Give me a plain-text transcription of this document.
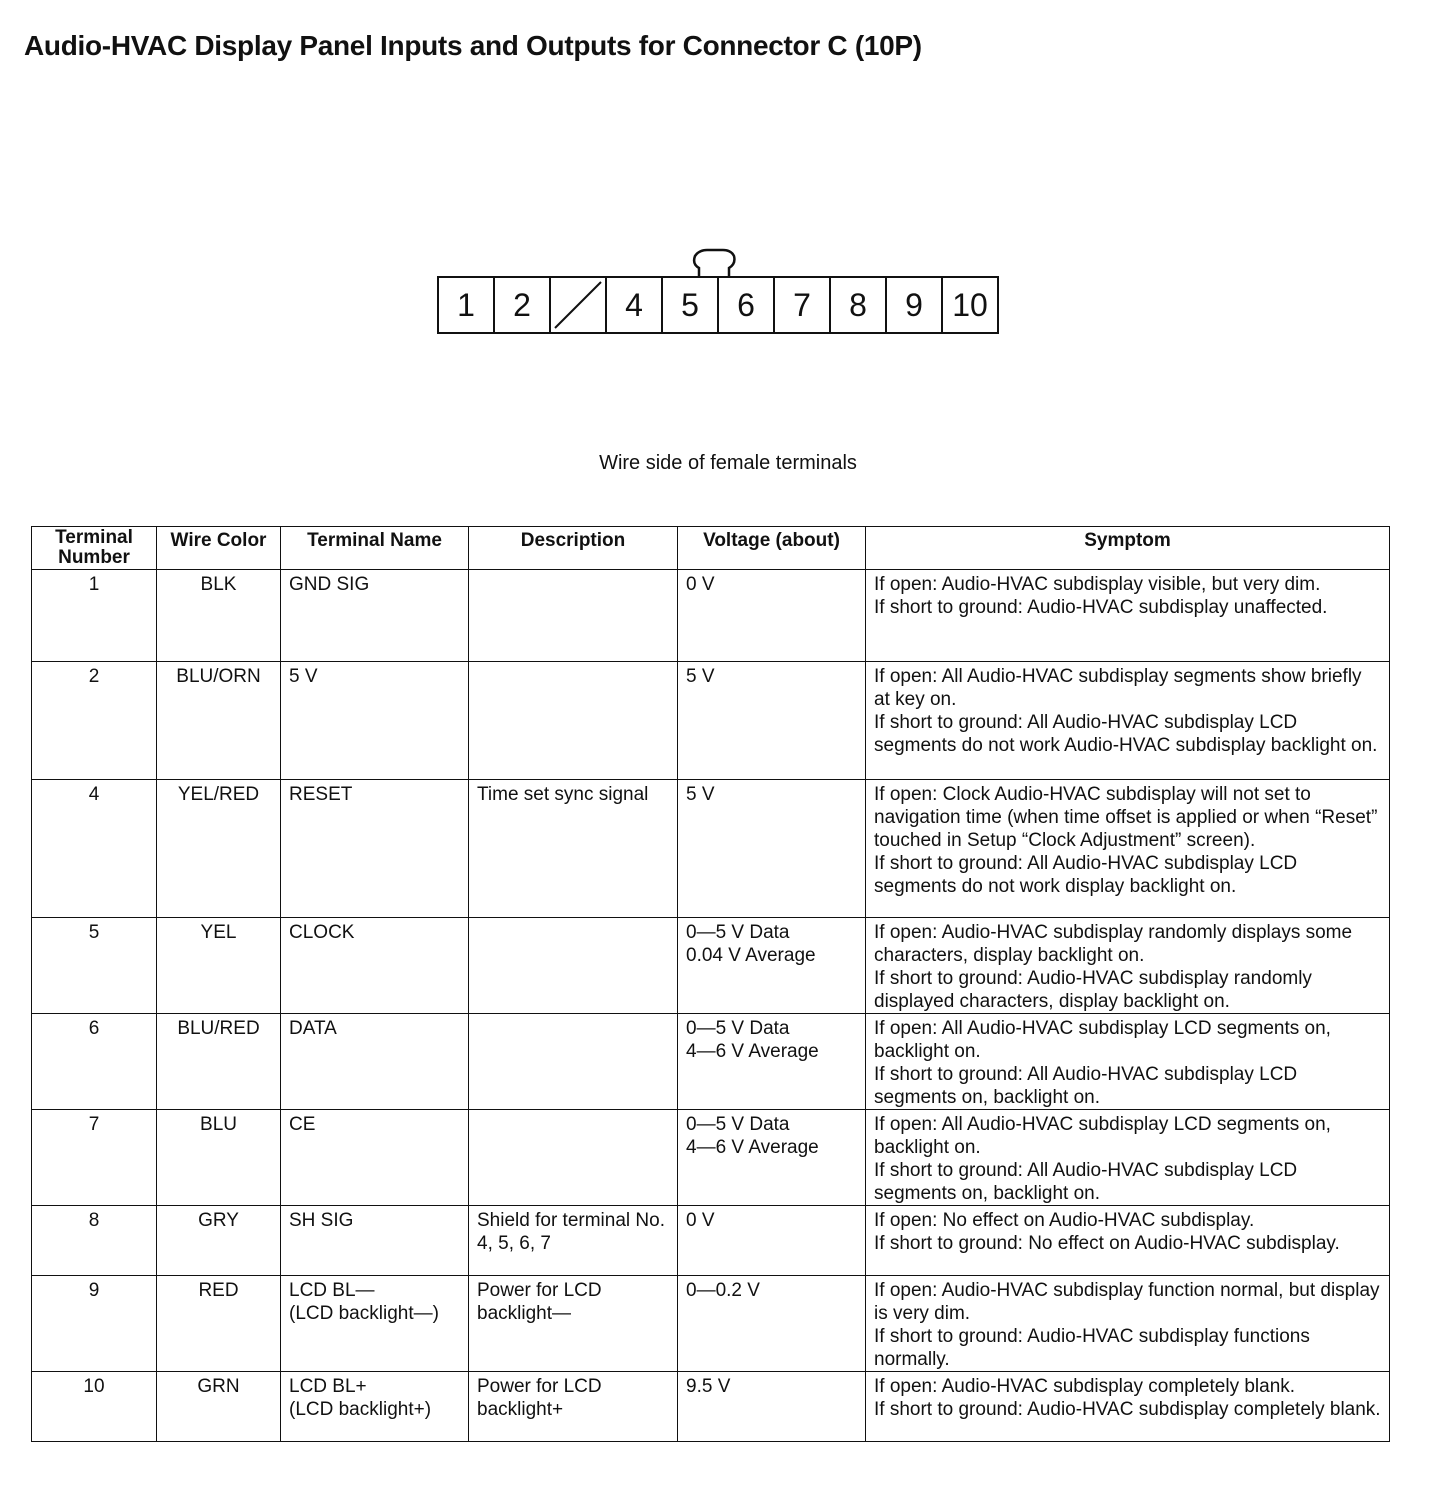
Audio-HVAC Display Panel Inputs and Outputs for Connector C (10P)
1	2	4	5	6	7	8	9 10
Wire side of female terminals
Terminal Number	Wire Color	Terminal Name	Description	Voltage (about)	Symptom
1	BLK	GND SIG		0 V	If open: Audio-HVAC subdisplay visible, but very dim.
If short to ground: Audio-HVAC subdisplay unaffected.

2	BLU/ORN	5 V		5 V	If open: All Audio-HVAC subdisplay segments show briefly at key on.
If short to ground: All Audio-HVAC subdisplay LCD segments do not work Audio-HVAC subdisplay backlight on.

4	YEL/RED	RESET	Time set sync signal	5 V	If open: Clock Audio-HVAC subdisplay will not set to navigation time (when time offset is applied or when “Reset” touched in Setup “Clock Adjustment” screen).
If short to ground: All Audio-HVAC subdisplay LCD segments do not work display backlight on.

5	YEL	CLOCK		0—5 V Data
0.04 V Average	If open: Audio-HVAC subdisplay randomly displays some characters, display backlight on.
If short to ground: Audio-HVAC subdisplay randomly displayed characters, display backlight on.

6	BLU/RED	DATA		0—5 V Data
4—6 V Average	If open: All Audio-HVAC subdisplay LCD segments on, backlight on.
If short to ground: All Audio-HVAC subdisplay LCD segments on, backlight on.

7	BLU	CE		0—5 V Data
4—6 V Average	If open: All Audio-HVAC subdisplay LCD segments on, backlight on.
If short to ground: All Audio-HVAC subdisplay LCD segments on, backlight on.

8	GRY	SH SIG	Shield for terminal No. 4, 5, 6, 7	0 V	If open: No effect on Audio-HVAC subdisplay.
If short to ground: No effect on Audio-HVAC subdisplay.

9	RED	LCD BL—
(LCD backlight—)	Power for LCD backlight—	0—0.2 V	If open: Audio-HVAC subdisplay function normal, but display is very dim.
If short to ground: Audio-HVAC subdisplay functions normally.

10	GRN	LCD BL+
(LCD backlight+)	Power for LCD backlight+	9.5 V	If open: Audio-HVAC subdisplay completely blank.
If short to ground: Audio-HVAC subdisplay completely blank.
